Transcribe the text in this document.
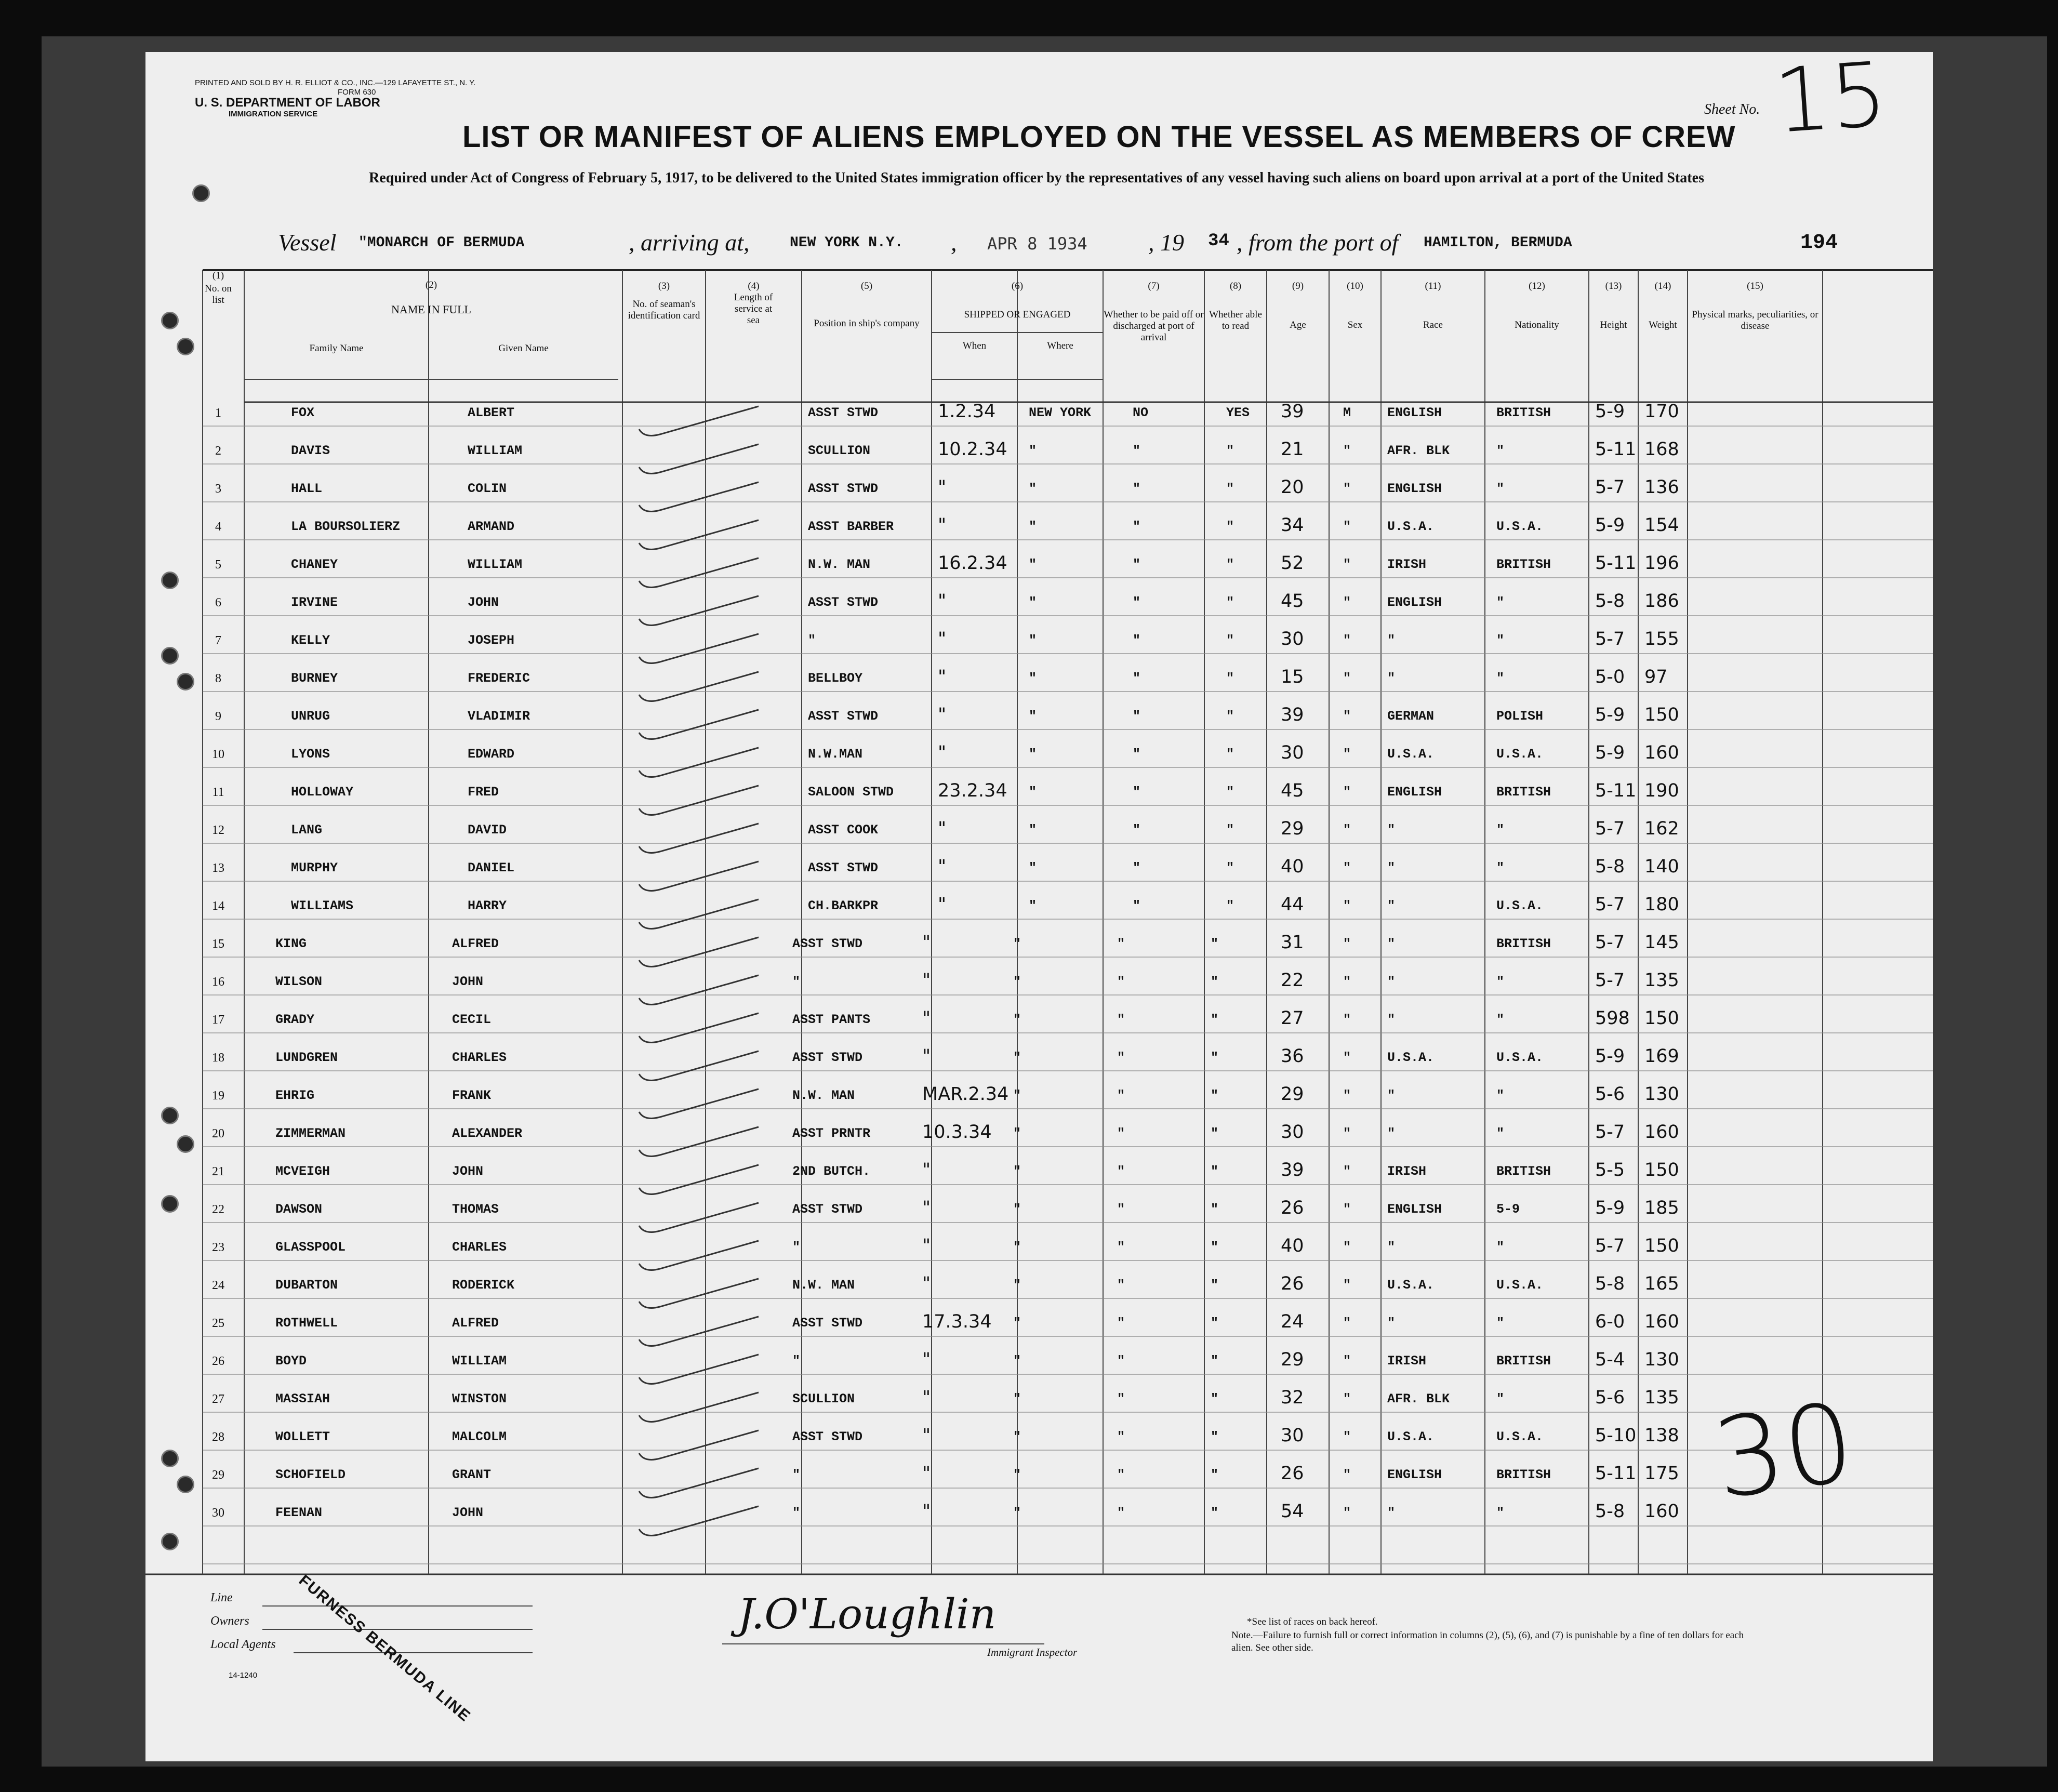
PRINTED AND SOLD BY H. R. ELLIOT & CO., INC.—129 LAFAYETTE ST., N. Y.
FORM 630
U. S. DEPARTMENT OF LABOR
IMMIGRATION SERVICE	Sheet No. 15
LIST OR MANIFEST OF ALIENS EMPLOYED ON THE VESSEL AS MEMBERS OF CREW
Required under Act of Congress of February 5, 1917, to be delivered to the United States immigration officer by the representatives of any vessel having such aliens on board upon arrival at a port of the United States
Vessel "MONARCH OF BERMUDA	, arriving at,	NEW YORK N.Y. , APR 8 1934	, 19 34 , from the port of HAMILTON, BERMUDA	194
(1)
No. on list
(2)
NAME IN FULL
Family Name	Given Name
(3)
No. of seaman's identification card
(4)
Length of service at sea
(5)
Position in ship's company
(6)
SHIPPED OR ENGAGED
When	Where
(7)
Whether to be paid off or discharged at port of arrival
(8)
Whether able to read
(9)
Age
(10)
Sex
(11)
Race
(12)
Nationality
(13)
Height
(14)
Weight
(15)
Physical marks, peculiarities, or disease
1	FOX	ALBERT	ASST STWD	1.2.34	NEW YORK	NO	YES 39	M	ENGLISH	BRITISH 5-9 170
2	DAVIS	WILLIAM	SCULLION	10.2.34 "	"	"	21	"	AFR. BLK	"	5-11 168
3	HALL	COLIN	ASST STWD	"	"	"	"	20	"	ENGLISH	"	5-7 136
4	LA BOURSOLIERZ	ARMAND	ASST BARBER "	"	"	"	34	"	U.S.A.	U.S.A.	5-9 154
5	CHANEY	WILLIAM	N.W. MAN	16.2.34 "	"	"	52	"	IRISH	BRITISH 5-11 196
6	IRVINE	JOHN	ASST STWD	"	"	"	"	45	"	ENGLISH	"	5-8 186
7	KELLY	JOSEPH	"	"	"	"	"	30	"	"	"	5-7 155
8	BURNEY	FREDERIC	BELLBOY	"	"	"	"	15	"	"	"	5-0 97
9	UNRUG	VLADIMIR	ASST STWD	"	"	"	"	39	"	GERMAN	POLISH	5-9 150
10	LYONS	EDWARD	N.W.MAN	"	"	"	"	30	"	U.S.A.	U.S.A.	5-9 160
11	HOLLOWAY	FRED	SALOON STWD 23.2.34 "	"	"	45	"	ENGLISH	BRITISH 5-11 190
12	LANG	DAVID	ASST COOK	"	"	"	"	29	"	"	"	5-7 162
13	MURPHY	DANIEL	ASST STWD	"	"	"	"	40	"	"	"	5-8 140
14	WILLIAMS	HARRY	CH.BARKPR	"	"	"	"	44	"	"	U.S.A.	5-7 180
15	KING	ALFRED	ASST STWD	"	"	"	"	31	"	"	BRITISH 5-7 145
16	WILSON	JOHN	"	"	"	"	"	22	"	"	"	5-7 135
17	GRADY	CECIL	ASST PANTS	"	"	"	"	27	"	"	"	598 150
18	LUNDGREN	CHARLES	ASST STWD	"	"	"	"	36	"	U.S.A.	U.S.A.	5-9 169
19	EHRIG	FRANK	N.W. MAN	MAR.2.34 "	"	"	29	"	"	"	5-6 130
20	ZIMMERMAN	ALEXANDER	ASST PRNTR	10.3.34 "	"	"	30	"	"	"	5-7 160
21	MCVEIGH	JOHN	2ND BUTCH.	"	"	"	"	39	"	IRISH	BRITISH 5-5 150
22	DAWSON	THOMAS	ASST STWD	"	"	"	"	26	"	ENGLISH	5-9	5-9 185
23	GLASSPOOL	CHARLES	"	"	"	"	"	40	"	"	"	5-7 150
24	DUBARTON	RODERICK	N.W. MAN	"	"	"	"	26	"	U.S.A.	U.S.A.	5-8 165
25	ROTHWELL	ALFRED	ASST STWD	17.3.34 "	"	"	24	"	"	"	6-0 160
26	BOYD	WILLIAM	"	"	"	"	"	29	"	IRISH	BRITISH 5-4 130
27	MASSIAH	WINSTON	SCULLION	"	"	"	"	32	"	AFR. BLK	"	5-6 135
28	WOLLETT	MALCOLM	ASST STWD	"	"	"	"	30	"	U.S.A.	U.S.A.	5-10 138
29	SCHOFIELD	GRANT	"	"	"	"	"	26	"	ENGLISH	BRITISH 5-11 175
30	FEENAN	JOHN	"	"	"	"	"	54	"	"	"	5-8 160 30
Line
Owners
Local Agents FURNESS BERMUDA LINE
14-1240
J.O'Loughlin
Immigrant Inspector
*See list of races on back hereof.
Note.—Failure to furnish full or correct information in columns (2), (5), (6), and (7) is punishable by a fine of ten dollars for each alien. See other side.
